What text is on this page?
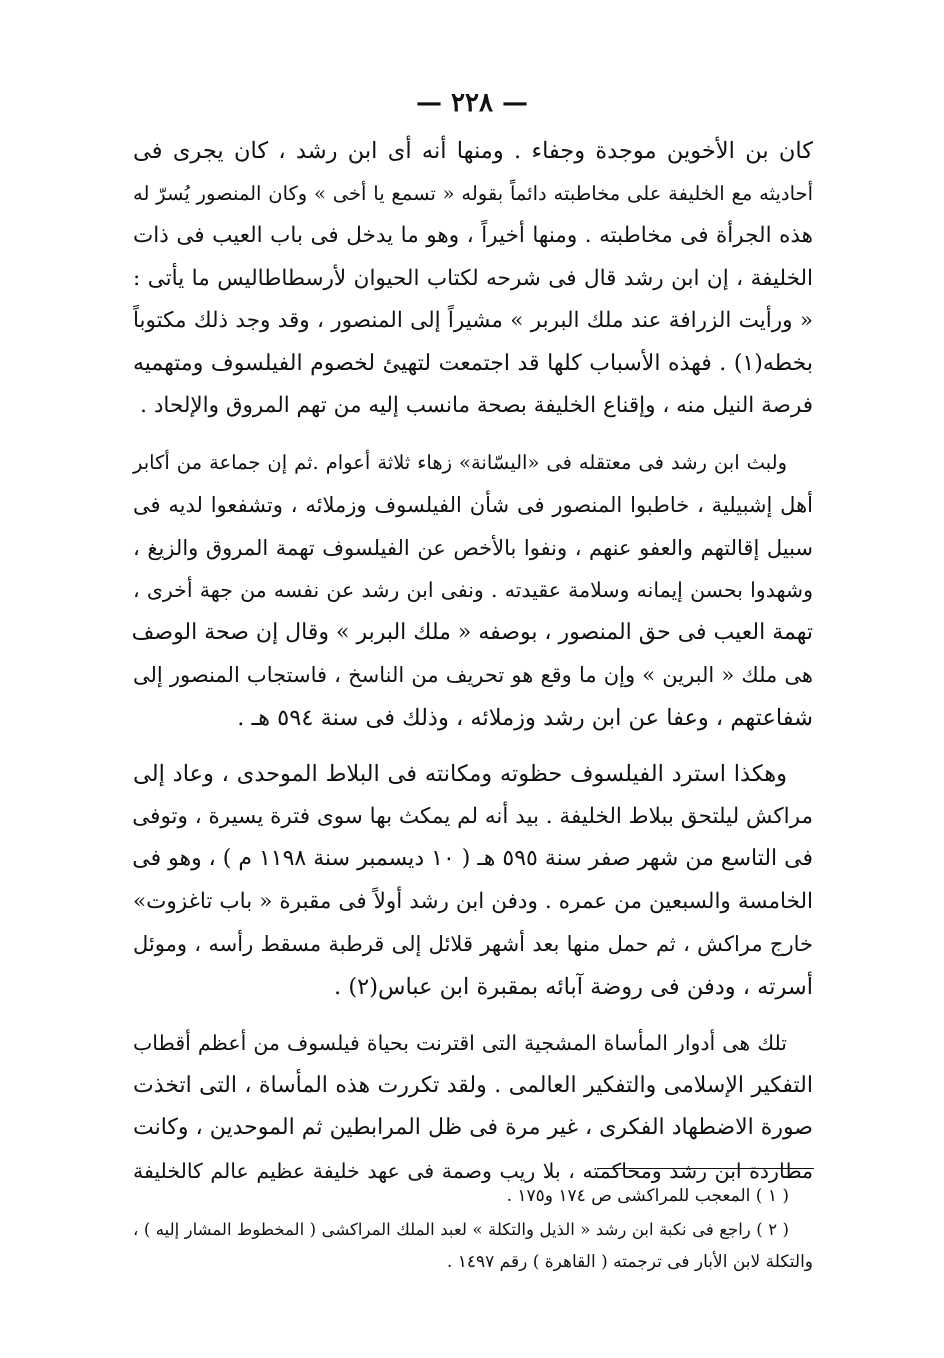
— ٢٢٨ —

كان بن الأخوين موجدة وجفاء . ومنها أنه أى ابن رشد ، كان يجرى فى
أحاديثه مع الخليفة على مخاطبته دائماً بقوله « تسمع يا أخى » وكان المنصور يُسرّ له
هذه الجرأة فى مخاطبته . ومنها أخيراً ، وهو ما يدخل فى باب العيب فى ذات
الخليفة ، إن ابن رشد قال فى شرحه لكتاب الحيوان لأرسطاطاليس ما يأتى :
« ورأيت الزرافة عند ملك البربر » مشيراً إلى المنصور ، وقد وجد ذلك مكتوباً
بخطه(١) . فهذه الأسباب كلها قد اجتمعت لتهيئ لخصوم الفيلسوف ومتهميه
فرصة النيل منه ، وإقناع الخليفة بصحة مانسب إليه من تهم المروق والإلحاد .

ولبث ابن رشد فى معتقله فى «اليسّانة» زهاء ثلاثة أعوام .ثم إن جماعة من أكابر
أهل إشبيلية ، خاطبوا المنصور فى شأن الفيلسوف وزملائه ، وتشفعوا لديه فى
سبيل إقالتهم والعفو عنهم ، ونفوا بالأخص عن الفيلسوف تهمة المروق والزيغ ،
وشهدوا بحسن إيمانه وسلامة عقيدته . ونفى ابن رشد عن نفسه من جهة أخرى ،
تهمة العيب فى حق المنصور ، بوصفه « ملك البربر » وقال إن صحة الوصف
هى ملك « البرين » وإن ما وقع هو تحريف من الناسخ ، فاستجاب المنصور إلى
شفاعتهم ، وعفا عن ابن رشد وزملائه ، وذلك فى سنة ٥٩٤ هـ .

وهكذا استرد الفيلسوف حظوته ومكانته فى البلاط الموحدى ، وعاد إلى
مراكش ليلتحق ببلاط الخليفة . بيد أنه لم يمكث بها سوى فترة يسيرة ، وتوفى
فى التاسع من شهر صفر سنة ٥٩٥ هـ ( ١٠ ديسمبر سنة ١١٩٨ م ) ، وهو فى
الخامسة والسبعين من عمره . ودفن ابن رشد أولاً فى مقبرة « باب تاغزوت»
خارج مراكش ، ثم حمل منها بعد أشهر قلائل إلى قرطبة مسقط رأسه ، وموئل
أسرته ، ودفن فى روضة آبائه بمقبرة ابن عباس(٢) .

تلك هى أدوار المأساة المشجية التى اقترنت بحياة فيلسوف من أعظم أقطاب
التفكير الإسلامى والتفكير العالمى . ولقد تكررت هذه المأساة ، التى اتخذت
صورة الاضطهاد الفكرى ، غير مرة فى ظل المرابطين ثم الموحدين ، وكانت
مطاردة ابن رشد ومحاكمته ، بلا ريب وصمة فى عهد خليفة عظيم عالم كالخليفة

( ١ ) المعجب للمراكشى ص ١٧٤ و١٧٥ .
( ٢ ) راجع فى نكبة ابن رشد « الذيل والتكلة » لعبد الملك المراكشى ( المخطوط المشار إليه ) ،
والتكلة لابن الأبار فى ترجمته ( القاهرة ) رقم ١٤٩٧ .
